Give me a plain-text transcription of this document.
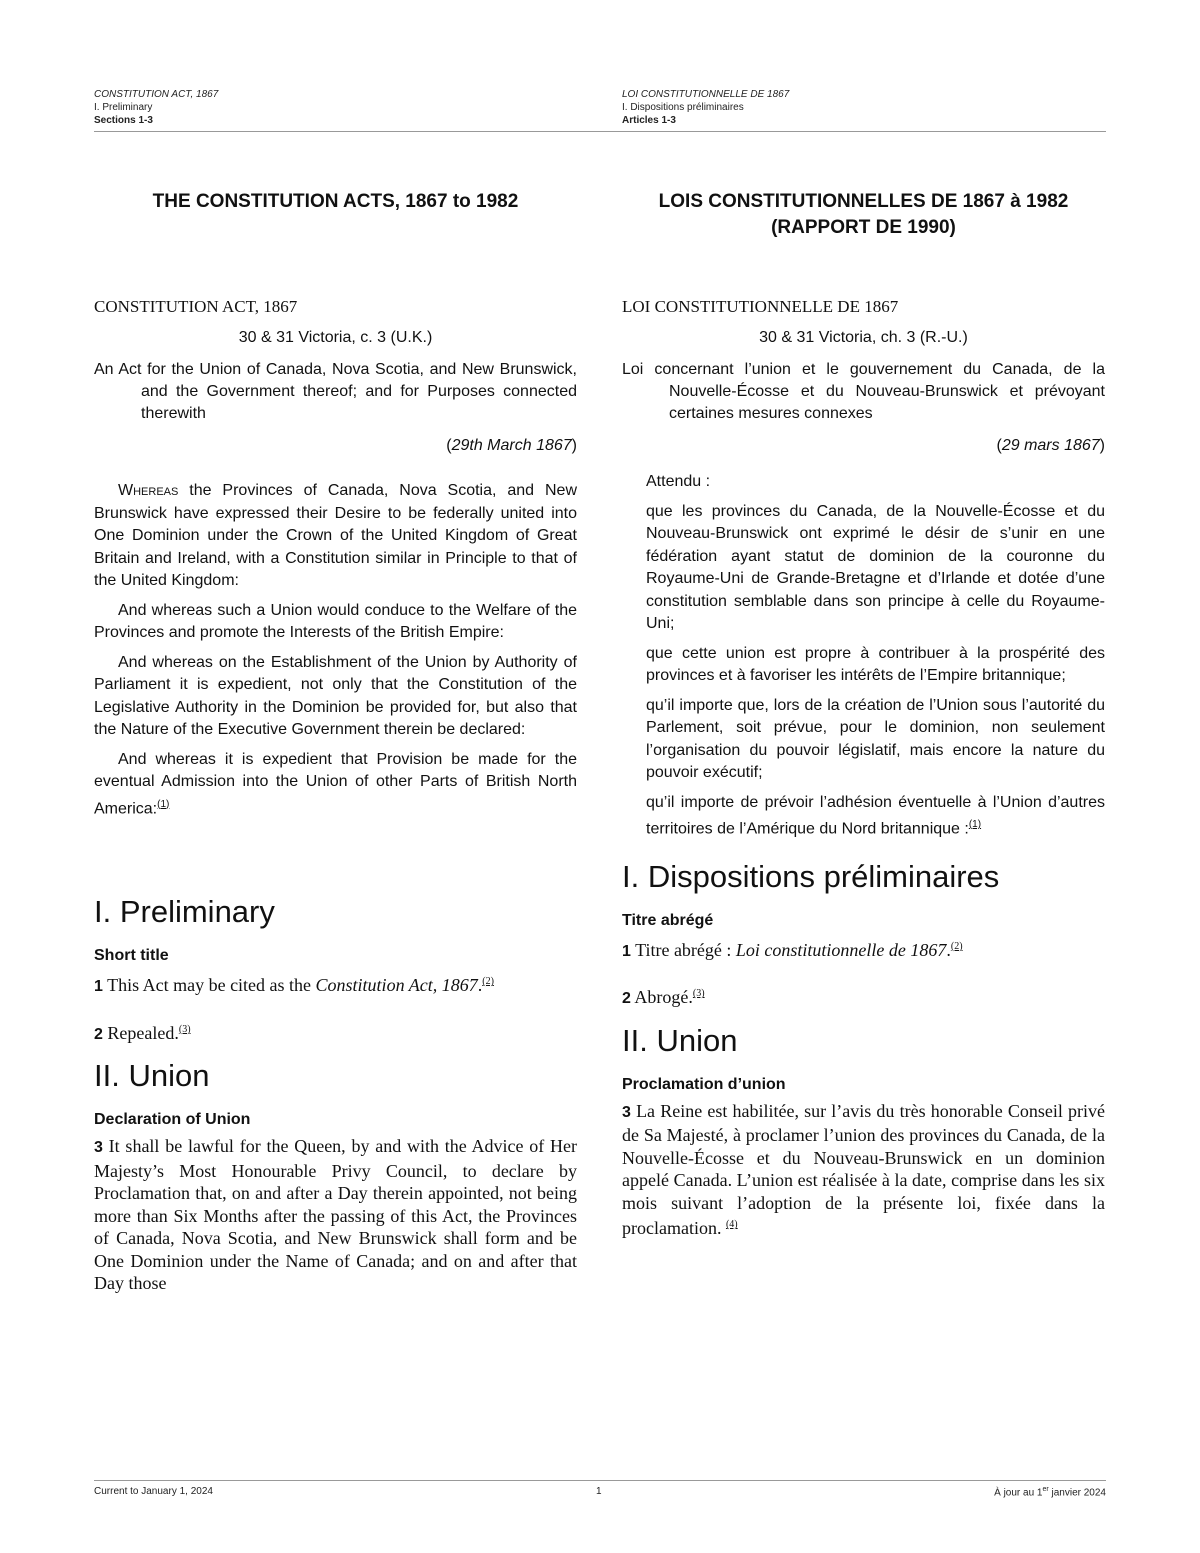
CONSTITUTION ACT, 1867
I. Preliminary
Sections 1-3
LOI CONSTITUTIONNELLE DE 1867
I. Dispositions préliminaires
Articles 1-3
THE CONSTITUTION ACTS, 1867 to 1982
CONSTITUTION ACT, 1867
30 & 31 Victoria, c. 3 (U.K.)
An Act for the Union of Canada, Nova Scotia, and New Brunswick, and the Government thereof; and for Purposes connected therewith
(29th March 1867)

Whereas the Provinces of Canada, Nova Scotia, and New Brunswick have expressed their Desire to be federally united into One Dominion under the Crown of the United Kingdom of Great Britain and Ireland, with a Constitution similar in Principle to that of the United Kingdom:

And whereas such a Union would conduce to the Welfare of the Provinces and promote the Interests of the British Empire:

And whereas on the Establishment of the Union by Authority of Parliament it is expedient, not only that the Constitution of the Legislative Authority in the Dominion be provided for, but also that the Nature of the Executive Government therein be declared:

And whereas it is expedient that Provision be made for the eventual Admission into the Union of other Parts of British North America:$^{(1)}$

I. Preliminary
Short title

1 This Act may be cited as the Constitution Act, 1867.$^{(2)}$

2 Repealed.$^{(3)}$

II. Union
Declaration of Union

3 It shall be lawful for the Queen, by and with the Advice of Her Majesty’s Most Honourable Privy Council, to declare by Proclamation that, on and after a Day therein appointed, not being more than Six Months after the passing of this Act, the Provinces of Canada, Nova Scotia, and New Brunswick shall form and be One Dominion under the Name of Canada; and on and after that Day those

LOIS CONSTITUTIONNELLES DE 1867 à 1982 (RAPPORT DE 1990)
LOI CONSTITUTIONNELLE DE 1867
30 & 31 Victoria, ch. 3 (R.-U.)
Loi concernant l’union et le gouvernement du Canada, de la Nouvelle-Écosse et du Nouveau-Brunswick et prévoyant certaines mesures connexes
(29 mars 1867)

Attendu :

que les provinces du Canada, de la Nouvelle-Écosse et du Nouveau-Brunswick ont exprimé le désir de s’unir en une fédération ayant statut de dominion de la couronne du Royaume-Uni de Grande-Bretagne et d’Irlande et dotée d’une constitution semblable dans son principe à celle du Royaume-Uni;

que cette union est propre à contribuer à la prospérité des provinces et à favoriser les intérêts de l’Empire britannique;

qu’il importe que, lors de la création de l’Union sous l’autorité du Parlement, soit prévue, pour le dominion, non seulement l’organisation du pouvoir législatif, mais encore la nature du pouvoir exécutif;

qu’il importe de prévoir l’adhésion éventuelle à l’Union d’autres territoires de l’Amérique du Nord britannique :$^{(1)}$

I. Dispositions préliminaires
Titre abrégé

1 Titre abrégé : Loi constitutionnelle de 1867.$^{(2)}$

2 Abrogé.$^{(3)}$

II. Union
Proclamation d’union

3 La Reine est habilitée, sur l’avis du très honorable Conseil privé de Sa Majesté, à proclamer l’union des provinces du Canada, de la Nouvelle-Écosse et du Nouveau-Brunswick en un dominion appelé Canada. L’union est réalisée à la date, comprise dans les six mois suivant l’adoption de la présente loi, fixée dans la proclamation. $^{(4)}$

Current to January 1, 2024	1	À jour au 1er janvier 2024
